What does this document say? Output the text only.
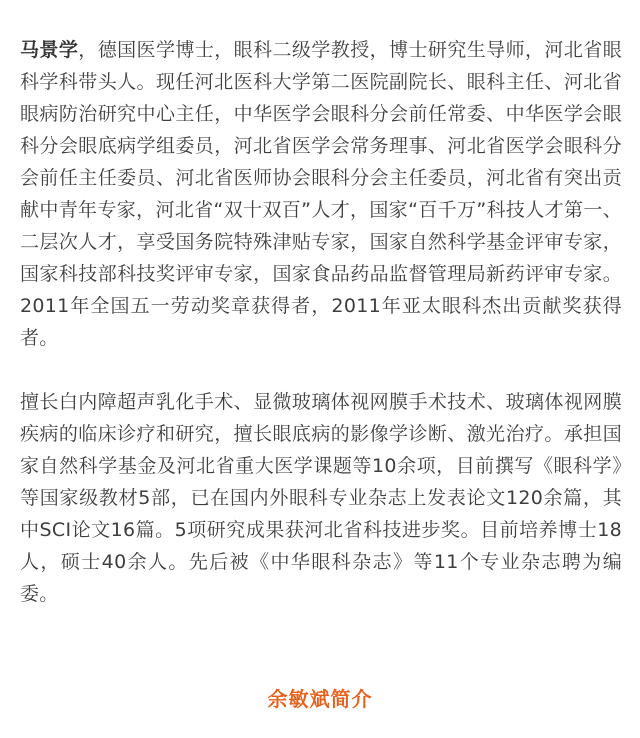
马景学，德国医学博士，眼科二级学教授，博士研究生导师，河北省眼科学科带头人。现任河北医科大学第二医院副院长、眼科主任、河北省眼病防治研究中心主任，中华医学会眼科分会前任常委、中华医学会眼科分会眼底病学组委员，河北省医学会常务理事、河北省医学会眼科分会前任主任委员、河北省医师协会眼科分会主任委员，河北省有突出贡献中青年专家，河北省“双十双百”人才，国家“百千万”科技人才第一、二层次人才，享受国务院特殊津贴专家，国家自然科学基金评审专家，国家科技部科技奖评审专家，国家食品药品监督管理局新药评审专家。2011年全国五一劳动奖章获得者，2011年亚太眼科杰出贡献奖获得者。

擅长白内障超声乳化手术、显微玻璃体视网膜手术技术、玻璃体视网膜疾病的临床诊疗和研究，擅长眼底病的影像学诊断、激光治疗。承担国家自然科学基金及河北省重大医学课题等10余项，目前撰写《眼科学》等国家级教材5部，已在国内外眼科专业杂志上发表论文120余篇，其中SCI论文16篇。5项研究成果获河北省科技进步奖。目前培养博士18人，硕士40余人。先后被《中华眼科杂志》等11个专业杂志聘为编委。

余敏斌简介
